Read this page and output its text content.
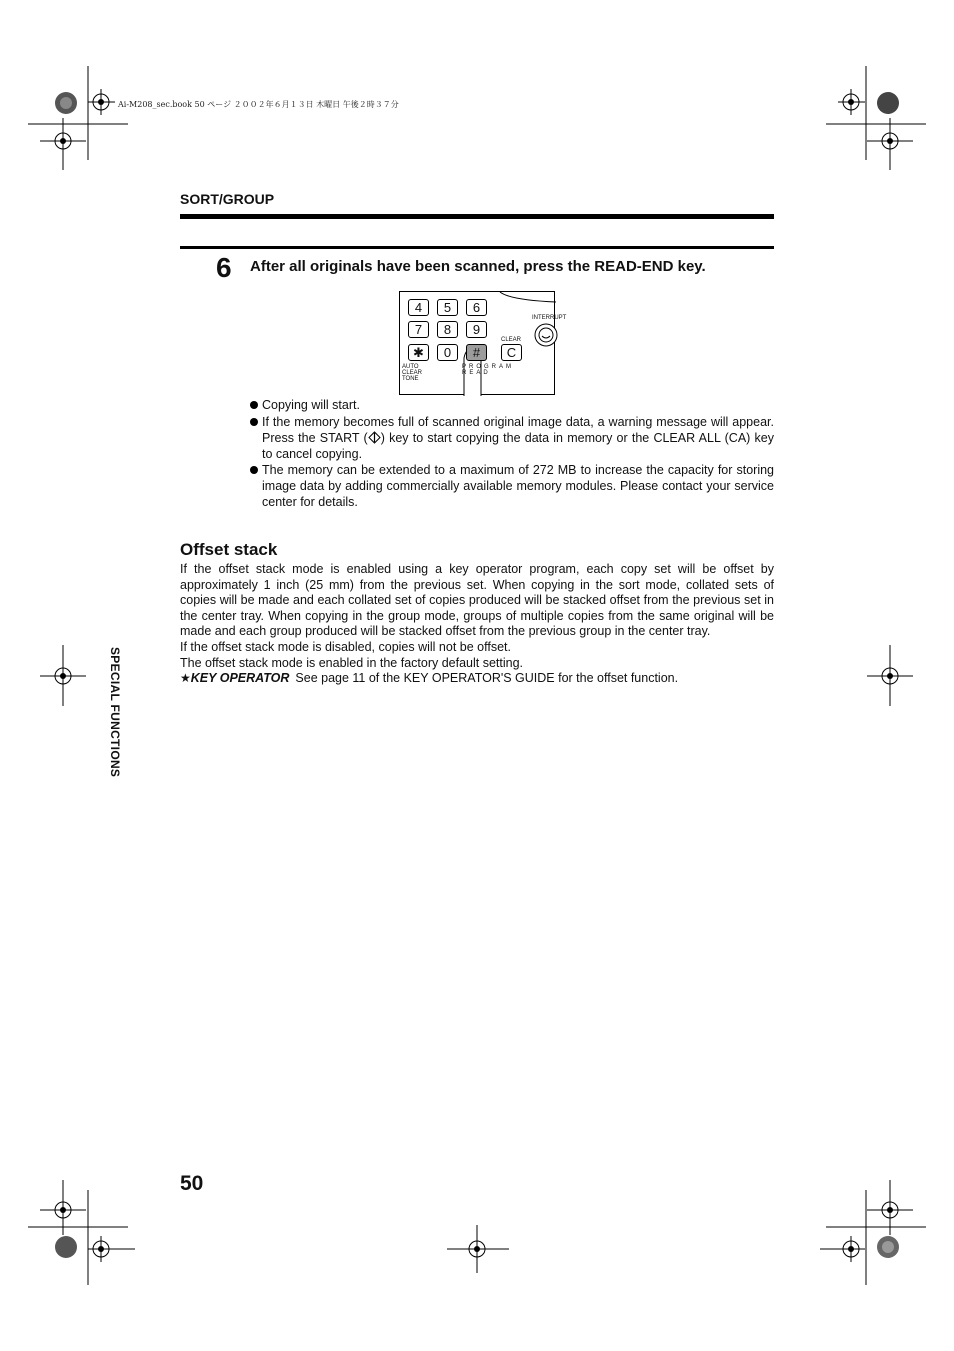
Ai-M208_sec.book 50 ページ ２００２年６月１３日 木曜日 午後２時３７分
SORT/GROUP
6 After all originals have been scanned, press the READ-END key.
4	5	6
7	8	9
✱	0	#	C
CLEAR
INTERRUPT
AUTO CLEAR TONE
PROGRAM READ
Copying will start.
If the memory becomes full of scanned original image data, a warning message will appear. Press the START ( ) key to start copying the data in memory or the CLEAR ALL (CA) key to cancel copying.
The memory can be extended to a maximum of 272 MB to increase the capacity for storing image data by adding commercially available memory modules. Please contact your service center for details.
Offset stack

If the offset stack mode is enabled using a key operator program, each copy set will be offset by approximately 1 inch (25 mm) from the previous set. When copying in the sort mode, collated sets of copies will be made and each collated set of copies produced will be stacked offset from the previous set in the center tray. When copying in the group mode, groups of multiple copies from the same original will be made and each group produced will be stacked offset from the previous group in the center tray.

If the offset stack mode is disabled, copies will not be offset.

The offset stack mode is enabled in the factory default setting.

★KEY OPERATOR See page 11 of the KEY OPERATOR'S GUIDE for the offset function.

SPECIAL FUNCTIONS
50
